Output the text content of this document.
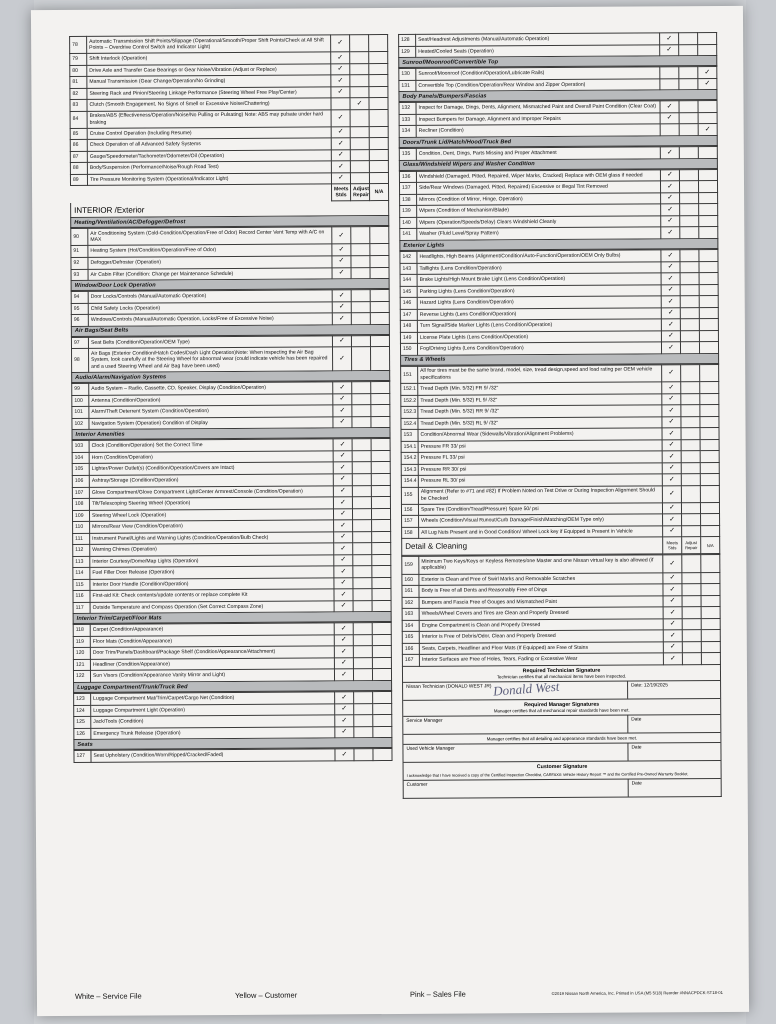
78	Automatic Transmission Shift Points/Slippage (Operational/Smooth/Proper Shift Points/Check at All Shift Points – Overdrive Control Switch and Indicator Light)	✓		
79	Shift Interlock (Operation)	✓		
80	Drive Axle and Transfer Case Bearings or Gear Noise/Vibration (Adjust or Replace)	✓		
81	Manual Transmission (Gear Change/Operation/No Grinding)	✓		
82	Steering Rack and Pinion/Steering Linkage Performance (Steering Wheel Free Play/Center)	✓		
83	Clutch (Smooth Engagement, No Signs of Smell or Excessive Noise/Chattering)		✓	
84	Brakes/ABS (Effectiveness/Operation/Noise/No Pulling or Pulsating) Note: ABS may pulsate under hard braking	✓		
85	Cruise Control Operation (Including Resume)	✓		
86	Check Operation of all Advanced Safety Systems	✓		
87	Gauge/Speedometer/Tachometer/Odometer/Oil (Operation)	✓		
88	Body/Suspension (Performance/Noise/Rough Road Test)	✓		
89	Tire Pressure Monitoring System (Operational/Indicator Light)	✓		
		Meets Stds	Adjust Repair	N/A
INTERIOR /Exterior
Heating/Ventilation/AC/Defogger/Defrost
90	Air Conditioning System (Cold-Condition/Operation/Free of Odor) Record Center Vent Temp with A/C on MAX	✓		
91	Heating System (Hot/Condition/Operation/Free of Odor)	✓		
92	Defogger/Defroster (Operation)	✓		
93	Air Cabin Filter (Condition: Change per Maintenance Schedule)	✓		
Window/Door Lock Operation
94	Door Locks/Controls (Manual/Automatic Operation)	✓		
95	Child Safety Locks (Operation)	✓		
96	Windows/Controls (Manual/Automatic Operation, Locks/Free of Excessive Noise)	✓		
Air Bags/Seat Belts
97	Seat Belts (Condition/Operation/OEM Type)	✓		
98	Air Bags (Exterior Condition/Hatch Codes/Dash Light Operation)Note: When inspecting the Air Bag System, look carefully at the Steering Wheel for abnormal wear (could indicate vehicle has been repaired and a used Steering Wheel and Air Bag have been used)	✓		
Audio/Alarm/Navigation Systems
99	Audio System – Radio, Cassette, CD, Speaker, Display (Condition/Operation)	✓		
100	Antenna (Condition/Operation)	✓		
101	Alarm/Theft Deterrent System (Condition/Operation)	✓		
102	Navigation System (Operation) Condition of Display	✓		
Interior Amenities
103	Clock (Condition/Operation) Set the Correct Time	✓		
104	Horn (Condition/Operation)	✓		
105	Lighter/Power Outlet(s) (Condition/Operation/Covers are Intact)	✓		
106	Ashtray/Storage (Condition/Operation)	✓		
107	Glove Compartment/Glove Compartment Light/Center Armrest/Console (Condition/Operation)	✓		
108	Tilt/Telescoping Steering Wheel (Operation)	✓		
109	Steering Wheel Lock (Operation)	✓		
110	Mirrors/Rear View (Condition/Operation)	✓		
111	Instrument Panel/Lights and Warning Lights (Condition/Operation/Bulb Check)	✓		
112	Warning Chimes (Operation)	✓		
113	Interior Courtesy/Dome/Map Lights (Operation)	✓		
114	Fuel Filler Door Release (Operation)	✓		
115	Interior Door Handle (Condition/Operation)	✓		
116	First-aid Kit: Check contents/update contents or replace complete Kit	✓		
117	Outside Temperature and Compass Operation (Set Correct Compass Zone)	✓		
Interior Trim/Carpet/Floor Mats
118	Carpet (Condition/Appearance)	✓		
119	Floor Mats (Condition/Appearance)	✓		
120	Door Trim/Panels/Dashboard/Package Shelf (Condition/Appearance/Attachment)	✓		
121	Headliner (Condition/Appearance)	✓		
122	Sun Visors (Condition/Appearance Vanity Mirror and Light)	✓		
Luggage Compartment/Trunk/Truck Bed
123	Luggage Compartment Mat/Trim/Carpet/Cargo Net (Condition)	✓		
124	Luggage Compartment Light (Operation)	✓		
125	Jack/Tools (Condition)	✓		
126	Emergency Trunk Release (Operation)	✓		
Seats
127	Seat Upholstery (Condition/Worn/Ripped/Cracked/Faded)	✓		
128	Seat/Headrest Adjustments (Manual/Automatic Operation)	✓		
129	Heated/Cooled Seats (Operation)	✓		
Sunroof/Moonroof/Convertible Top
130	Sunroof/Moonroof (Condition/Operation/Lubricate Rails)			✓
131	Convertible Top (Condition/Operation/Rear Window and Zipper Operation)			✓
Body Panels/Bumpers/Fascias
132	Inspect for Damage, Dings, Dents, Alignment, Mismatched Paint and Overall Paint Condition (Clear Coat)	✓		
133	Inspect Bumpers for Damage, Alignment and Improper Repairs	✓		
134	Recliner (Condition)			✓
Doors/Trunk Lid/Hatch/Hood/Truck Bed
135	Condition, Dent, Dings, Parts Missing and Proper Attachment	✓		
Glass/Windshield Wipers and Washer Condition
136	Windshield (Damaged, Pitted, Repaired, Wiper Marks, Cracked) Replace with OEM glass if needed	✓		
137	Side/Rear Windows (Damaged, Pitted, Repaired) Excessive or Illegal Tint Removed	✓		
138	Mirrors (Condition of Mirror, Hinge, Operation)	✓		
139	Wipers (Condition of Mechanism/Blade)	✓		
140	Wipers (Operation/Speeds/Delay) Clears Windshield Cleanly	✓		
141	Washer (Fluid Level/Spray Pattern)	✓		
Exterior Lights
142	Headlights, High Beams (Alignment/Condition/Auto-Function/Operation/OEM Only Bulbs)	✓		
143	Taillights (Lens Condition/Operation)	✓		
144	Brake Lights/High Mount Brake Light (Lens Condition/Operation)	✓		
145	Parking Lights (Lens Condition/Operation)	✓		
146	Hazard Lights (Lens Condition/Operation)	✓		
147	Reverse Lights (Lens Condition/Operation)	✓		
148	Turn Signal/Side Marker Lights (Lens Condition/Operation)	✓		
149	License Plate Lights (Lens Condition/Operation)	✓		
150	Fog/Driving Lights (Lens Condition/Operation)	✓		
Tires & Wheels
151	All four tires must be the same brand, model, size, tread design,speed and load rating per OEM vehicle specifications	✓		
152.1	Tread Depth (Min. 5/32) FR 9/ /32"	✓		
152.2	Tread Depth (Min. 5/32) FL 9/ /32"	✓		
152.3	Tread Depth (Min. 5/32) RR 9/ /32"	✓		
152.4	Tread Depth (Min. 5/32) RL 9/ /32"	✓		
153	Condition/Abnormal Wear (Sidewalls/Vibration/Alignment Problems)	✓		
154.1	Pressure FR 33/ psi	✓		
154.2	Pressure FL 33/ psi	✓		
154.3	Pressure RR 30/ psi	✓		
154.4	Pressure RL 30/ psi	✓		
155	Alignment (Refer to #71 and #82) If Problem Noted on Test Drive or During Inspection Alignment Should be Checked	✓		
156	Spare Tire (Condition/Tread/Pressure) Spare 50/ psi	✓		
157	Wheels (Condition/Visual Runout/Curb Damage/Finish/Matching/OEM Type only)	✓		
158	All Lug Nuts Present and in Good Condition/ Wheel Lock key if Equipped is Present in Vehicle	✓		
Detail & Cleaning	Meets Stds	Adjust Repair	N/A
159	Minimum Two Keys/Keys or Keyless Remotes/one Master and one Nissan virtual key is also allowed (if applicable)	✓		
160	Exterior is Clean and Free of Swirl Marks and Removable Scratches	✓		
161	Body is Free of all Dents and Reasonably Free of Dings	✓		
162	Bumpers and Fascia Free of Gouges and Mismatched Paint	✓		
163	Wheels/Wheel Covers and Tires are Clean and Properly Dressed	✓		
164	Engine Compartment is Clean and Properly Dressed	✓		
165	Interior is Free of Debris/Odor, Clean and Properly Dressed	✓		
166	Seats, Carpets, Headliner and Floor Mats (If Equipped) are Free of Stains	✓		
167	Interior Surfaces are Free of Holes, Tears, Fading or Excessive Wear	✓		
Required Technician Signature
Technician certifies that all mechanical items have been inspected.
Nissan Technician (DONALD WEST JR) Donald West	Date: 12/19/2025
Required Manager Signatures
Manager certifies that all mechanical repair standards have been met.
Service Manager	Date
Manager certifies that all detailing and appearance standards have been met.
Used Vehicle Manager	Date
Customer Signature
I acknowledge that I have received a copy of the Certified Inspection Checklist, CARFAX® Vehicle History Report ™ and the Certified Pre-Owned Warranty Booklet.
Customer	Date
White – Service File	Yellow – Customer	Pink – Sales File	©2019 Nissan North America, Inc. Printed in USA (M5 5/18) Reorder #NNACPDCK-ST18-01
